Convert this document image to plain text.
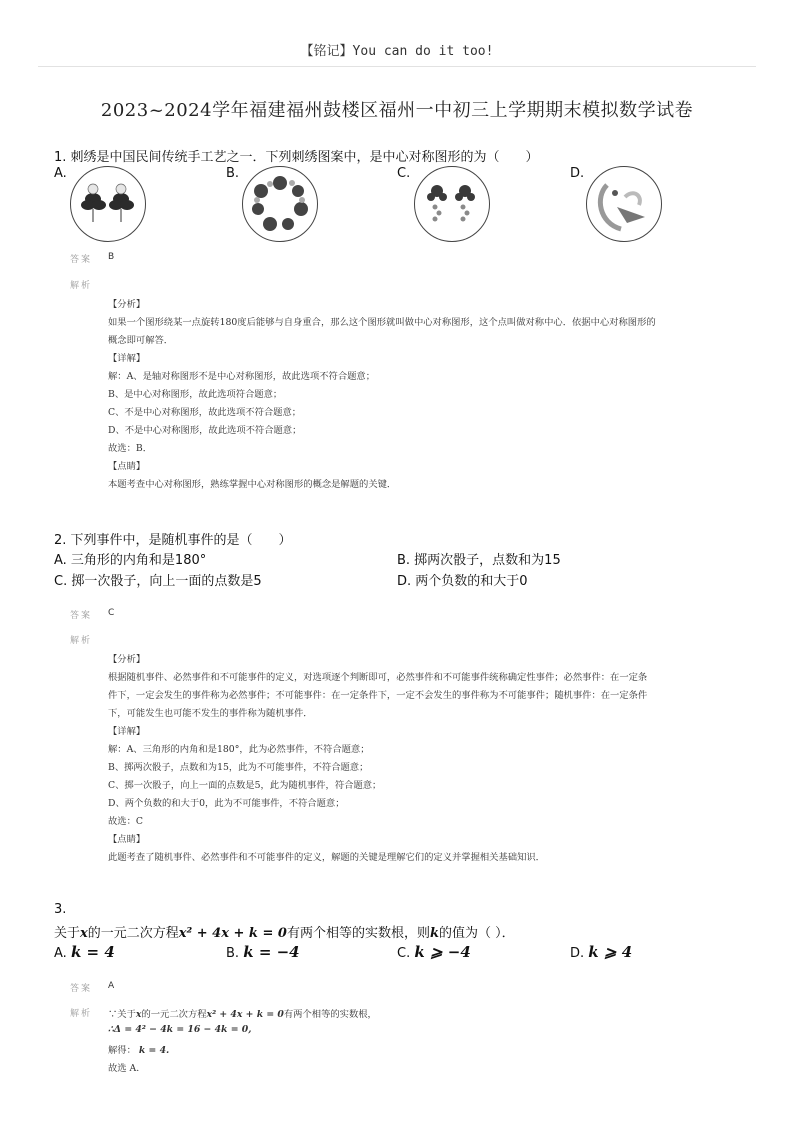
【铭记】You can do it too!
2023~2024学年福建福州鼓楼区福州一中初三上学期期末模拟数学试卷
1. 刺绣是中国民间传统手工艺之一．下列刺绣图案中，是中心对称图形的为（　　）
A.	B.	C.	D.
答案 B
解析
【分析】
如果一个图形绕某一点旋转180度后能够与自身重合，那么这个图形就叫做中心对称图形，这个点叫做对称中心．依据中心对称图形的
概念即可解答．
【详解】
解：A、是轴对称图形不是中心对称图形，故此选项不符合题意；
B、是中心对称图形，故此选项符合题意；
C、不是中心对称图形，故此选项不符合题意；
D、不是中心对称图形，故此选项不符合题意；
故选：B．
【点睛】
本题考查中心对称图形，熟练掌握中心对称图形的概念是解题的关键．
2. 下列事件中，是随机事件的是（　　）
A. 三角形的内角和是180°	B. 掷两次骰子，点数和为15
C. 掷一次骰子，向上一面的点数是5	D. 两个负数的和大于0
答案 C
解析
【分析】
根据随机事件、必然事件和不可能事件的定义，对选项逐个判断即可，必然事件和不可能事件统称确定性事件；必然事件：在一定条
件下，一定会发生的事件称为必然事件；不可能事件：在一定条件下，一定不会发生的事件称为不可能事件；随机事件：在一定条件
下，可能发生也可能不发生的事件称为随机事件．
【详解】
解：A、三角形的内角和是180°，此为必然事件，不符合题意；
B、掷两次骰子，点数和为15，此为不可能事件，不符合题意；
C、掷一次骰子，向上一面的点数是5，此为随机事件，符合题意；
D、两个负数的和大于0，此为不可能事件，不符合题意；
故选：C
【点睛】
此题考查了随机事件、必然事件和不可能事件的定义，解题的关键是理解它们的定义并掌握相关基础知识．
3.
关于x的一元二次方程x² + 4x + k = 0有两个相等的实数根，则k的值为（ ）．
A. k = 4	B. k = −4	C. k ⩾ −4	D. k ⩾ 4
答案 A
解析 ∵关于x的一元二次方程x² + 4x + k = 0有两个相等的实数根，
∴Δ = 4² − 4k = 16 − 4k = 0,
解得： k = 4.
故选 A.
